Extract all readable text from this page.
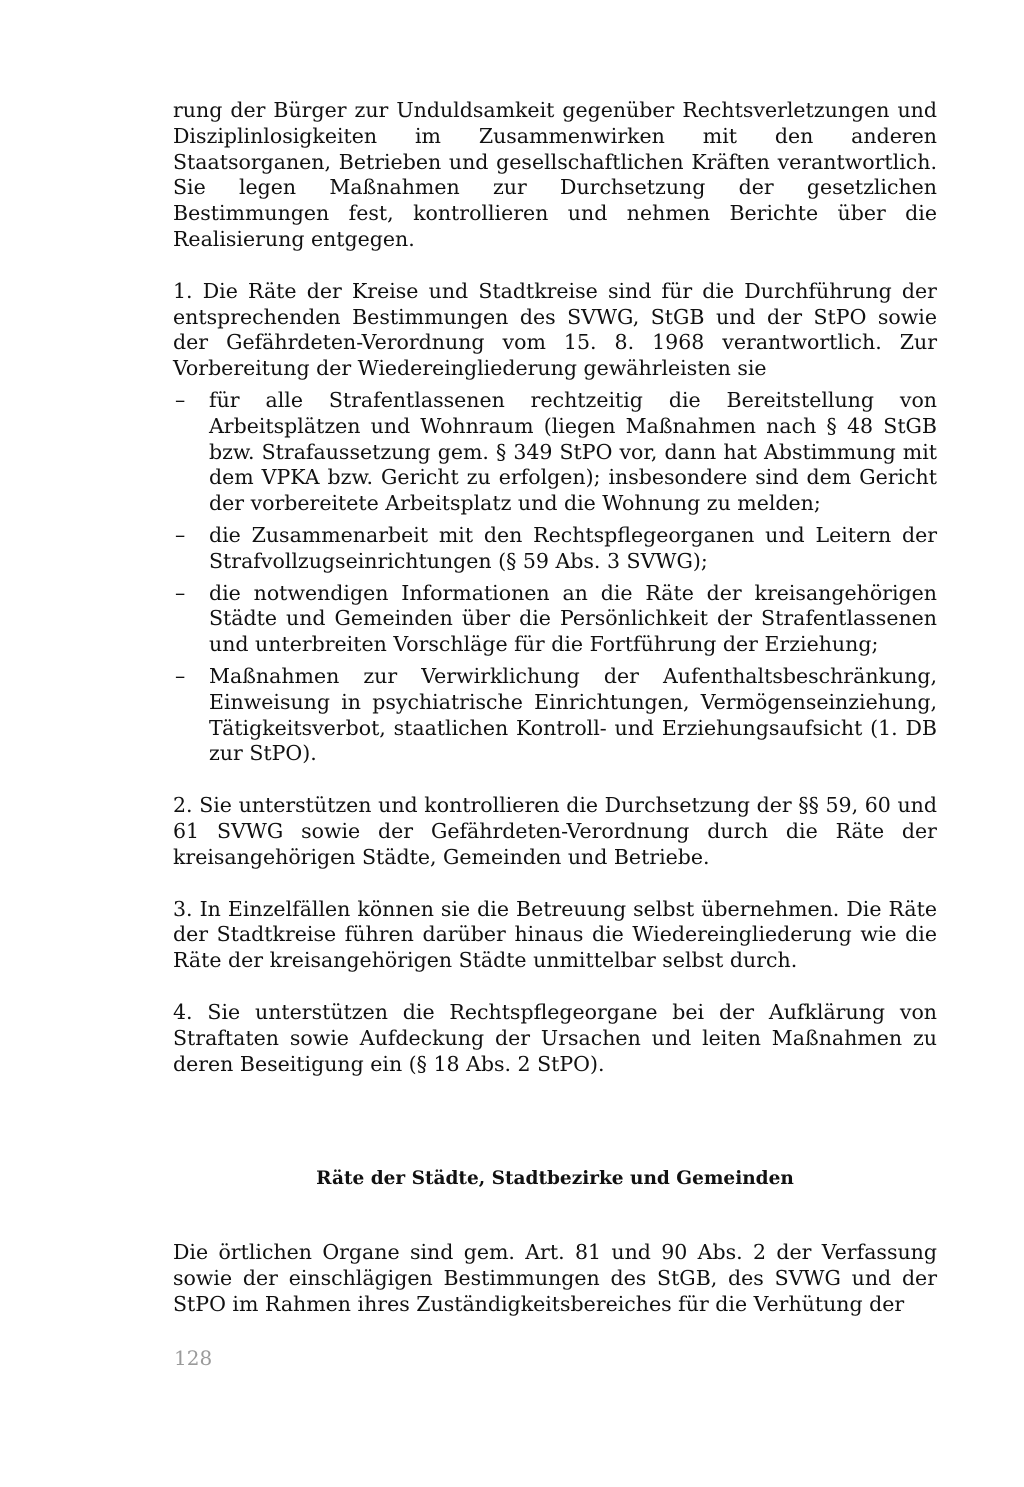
rung der Bürger zur Unduldsamkeit gegenüber Rechtsverletzungen und Disziplinlosigkeiten im Zusammenwirken mit den anderen Staatsorganen, Betrieben und gesellschaftlichen Kräften verantwortlich. Sie legen Maßnahmen zur Durchsetzung der gesetzlichen Bestimmungen fest, kontrollieren und nehmen Berichte über die Realisierung entgegen.

1. Die Räte der Kreise und Stadtkreise sind für die Durchführung der entsprechenden Bestimmungen des SVWG, StGB und der StPO sowie der Gefährdeten-Verordnung vom 15. 8. 1968 verantwortlich. Zur Vorbereitung der Wiedereingliederung gewährleisten sie

– für alle Strafentlassenen rechtzeitig die Bereitstellung von Arbeitsplätzen und Wohnraum (liegen Maßnahmen nach § 48 StGB bzw. Strafaussetzung gem. § 349 StPO vor, dann hat Abstimmung mit dem VPKA bzw. Gericht zu erfolgen); insbesondere sind dem Gericht der vorbereitete Arbeitsplatz und die Wohnung zu melden;
– die Zusammenarbeit mit den Rechtspflegeorganen und Leitern der Strafvollzugseinrichtungen (§ 59 Abs. 3 SVWG);
– die notwendigen Informationen an die Räte der kreisangehörigen Städte und Gemeinden über die Persönlichkeit der Strafentlassenen und unterbreiten Vorschläge für die Fortführung der Erziehung;
– Maßnahmen zur Verwirklichung der Aufenthaltsbeschränkung, Einweisung in psychiatrische Einrichtungen, Vermögenseinziehung, Tätigkeitsverbot, staatlichen Kontroll- und Erziehungsaufsicht (1. DB zur StPO).

2. Sie unterstützen und kontrollieren die Durchsetzung der §§ 59, 60 und 61 SVWG sowie der Gefährdeten-Verordnung durch die Räte der kreisangehörigen Städte, Gemeinden und Betriebe.

3. In Einzelfällen können sie die Betreuung selbst übernehmen. Die Räte der Stadtkreise führen darüber hinaus die Wiedereingliederung wie die Räte der kreisangehörigen Städte unmittelbar selbst durch.

4. Sie unterstützen die Rechtspflegeorgane bei der Aufklärung von Straftaten sowie Aufdeckung der Ursachen und leiten Maßnahmen zu deren Beseitigung ein (§ 18 Abs. 2 StPO).

Räte der Städte, Stadtbezirke und Gemeinden

Die örtlichen Organe sind gem. Art. 81 und 90 Abs. 2 der Verfassung sowie der einschlägigen Bestimmungen des StGB, des SVWG und der StPO im Rahmen ihres Zuständigkeitsbereiches für die Verhütung der

128
